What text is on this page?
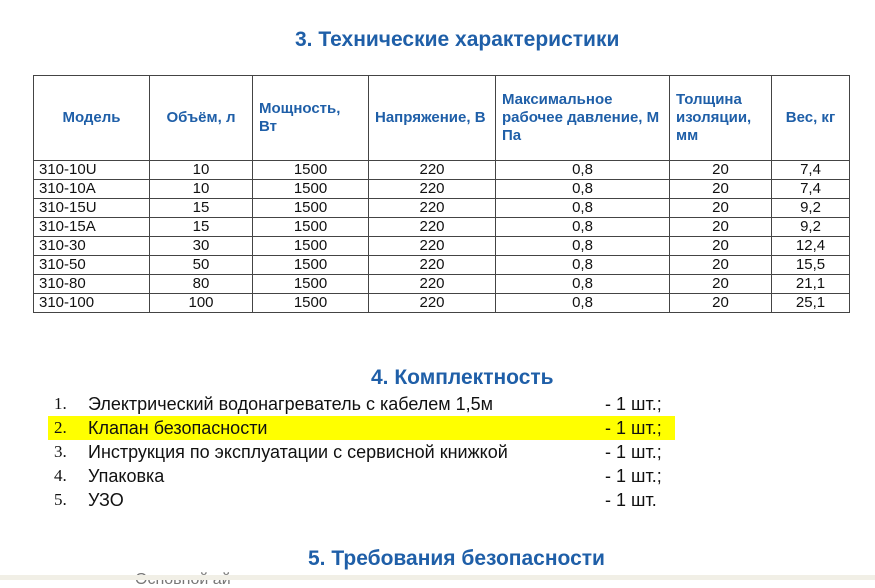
3. Технические характеристики
Модель	Объём, л	Мощность, Вт	Напряжение, В	Максимальное рабочее давление, М Па	Толщина изоляции, мм	Вес, кг
310-10U	10	1500	220	0,8	20	7,4
310-10A	10	1500	220	0,8	20	7,4
310-15U	15	1500	220	0,8	20	9,2
310-15A	15	1500	220	0,8	20	9,2
310-30	30	1500	220	0,8	20	12,4
310-50	50	1500	220	0,8	20	15,5
310-80	80	1500	220	0,8	20	21,1
310-100	100	1500	220	0,8	20	25,1
4. Комплектность
1. Электрический водонагреватель с кабелем 1,5м	- 1 шт.;
2. Клапан безопасности	- 1 шт.;
3. Инструкция по эксплуатации с сервисной книжкой	- 1 шт.;
4. Упаковка	- 1 шт.;
5. УЗО	- 1 шт.
5. Требования безопасности
